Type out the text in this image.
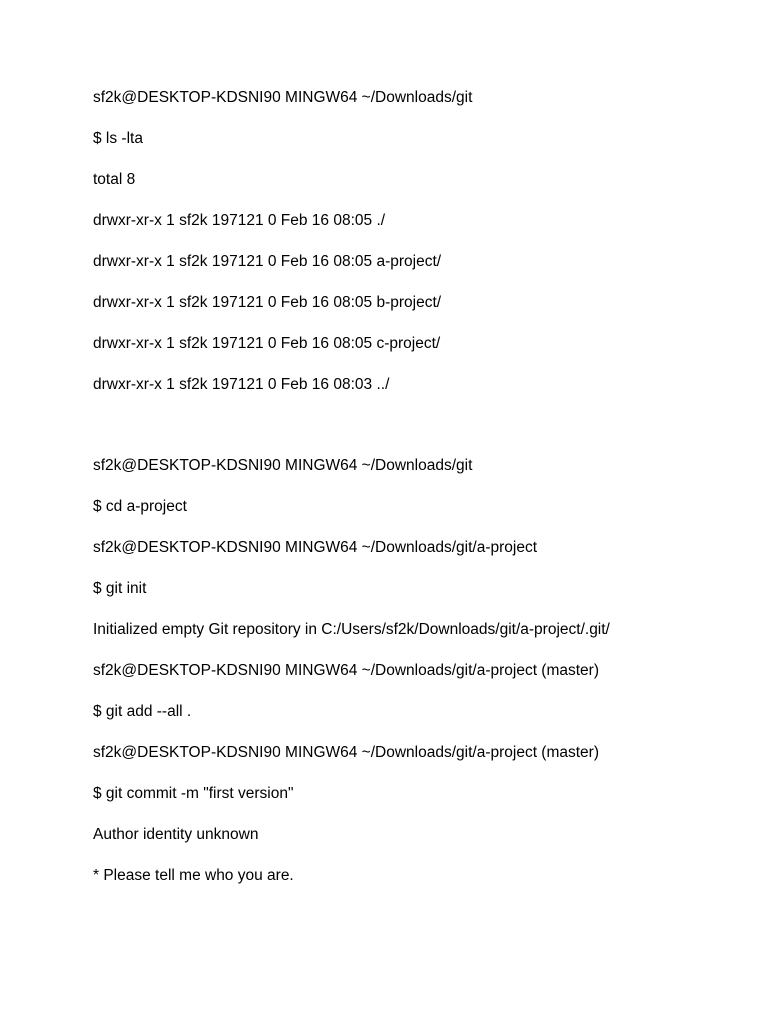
sf2k@DESKTOP-KDSNI90 MINGW64 ~/Downloads/git
$ ls -lta
total 8
drwxr-xr-x 1 sf2k 197121 0 Feb 16 08:05 ./
drwxr-xr-x 1 sf2k 197121 0 Feb 16 08:05 a-project/
drwxr-xr-x 1 sf2k 197121 0 Feb 16 08:05 b-project/
drwxr-xr-x 1 sf2k 197121 0 Feb 16 08:05 c-project/
drwxr-xr-x 1 sf2k 197121 0 Feb 16 08:03 ../
sf2k@DESKTOP-KDSNI90 MINGW64 ~/Downloads/git
$ cd a-project
sf2k@DESKTOP-KDSNI90 MINGW64 ~/Downloads/git/a-project
$ git init
Initialized empty Git repository in C:/Users/sf2k/Downloads/git/a-project/.git/
sf2k@DESKTOP-KDSNI90 MINGW64 ~/Downloads/git/a-project (master)
$ git add --all .
sf2k@DESKTOP-KDSNI90 MINGW64 ~/Downloads/git/a-project (master)
$ git commit -m "first version"
Author identity unknown
* Please tell me who you are.
